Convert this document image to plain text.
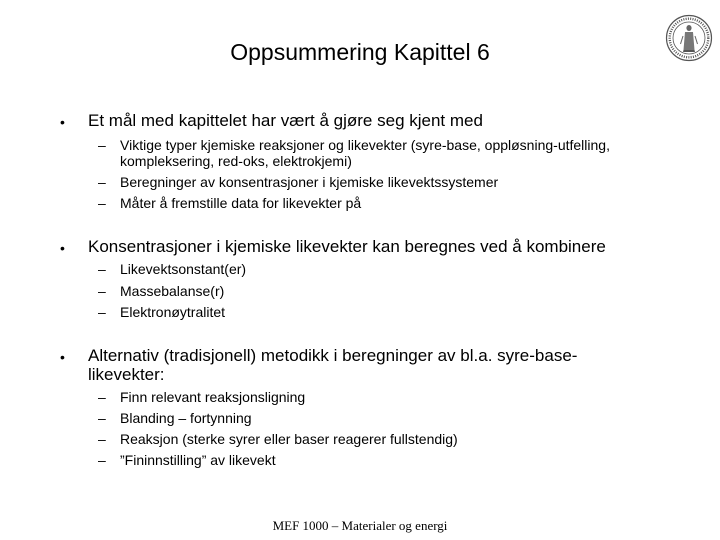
Oppsummering Kapittel 6
• Et mål med kapittelet har vært å gjøre seg kjent med
– Viktige typer kjemiske reaksjoner og likevekter (syre-base, oppløsning-utfelling, kompleksering, red-oks, elektrokjemi)
– Beregninger av konsentrasjoner i kjemiske likevektssystemer
– Måter å fremstille data for likevekter på
• Konsentrasjoner i kjemiske likevekter kan beregnes ved å kombinere
– Likevektsonstant(er)
– Massebalanse(r)
– Elektronøytralitet
• Alternativ (tradisjonell) metodikk i beregninger av bl.a. syre-base-likevekter:
– Finn relevant reaksjonsligning
– Blanding – fortynning
– Reaksjon (sterke syrer eller baser reagerer fullstendig)
– ”Fininnstilling” av likevekt
MEF 1000 – Materialer og energi
